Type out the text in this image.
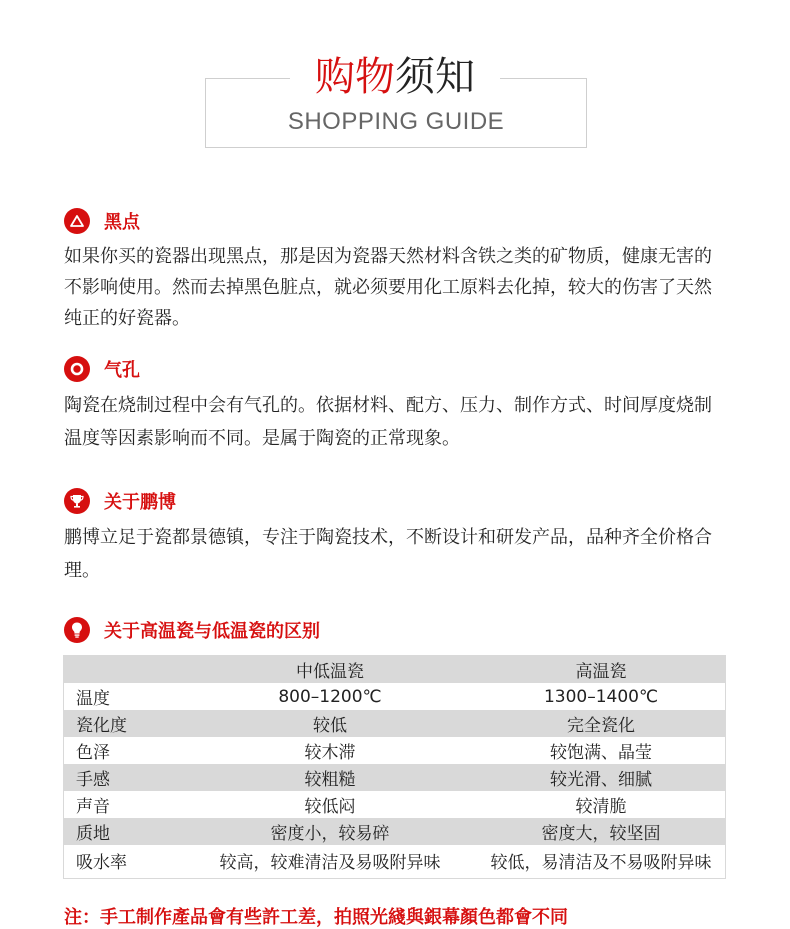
购物须知
SHOPPING GUIDE
黑点
如果你买的瓷器出现黑点，那是因为瓷器天然材料含铁之类的矿物质，健康无害的不影响使用。然而去掉黑色脏点，就必须要用化工原料去化掉，较大的伤害了天然纯正的好瓷器。
气孔
陶瓷在烧制过程中会有气孔的。依据材料、配方、压力、制作方式、时间厚度烧制温度等因素影响而不同。是属于陶瓷的正常现象。
关于鹏博
鹏博立足于瓷都景德镇，专注于陶瓷技术，不断设计和研发产品，品种齐全价格合理。
关于高温瓷与低温瓷的区别
	中低温瓷	高温瓷
温度	800–1200℃	1300–1400℃
瓷化度	较低	完全瓷化
色泽	较木滞	较饱满、晶莹
手感	较粗糙	较光滑、细腻
声音	较低闷	较清脆
质地	密度小，较易碎	密度大，较坚固
吸水率	较高，较难清洁及易吸附异味	较低，易清洁及不易吸附异味
注：手工制作產品會有些許工差，拍照光綫與銀幕顏色都會不同
